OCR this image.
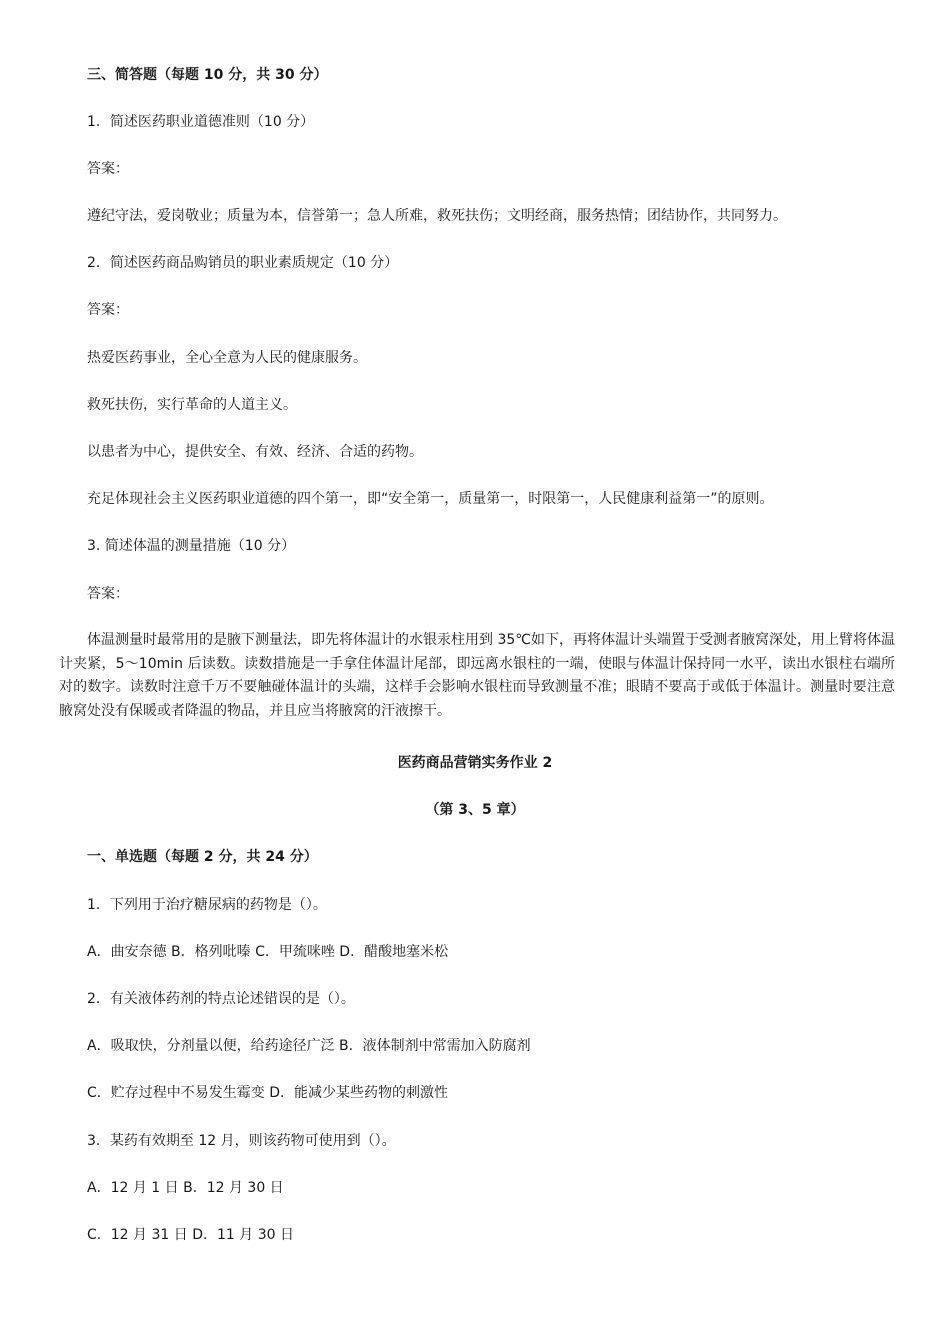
三、简答题（每题 10 分，共 30 分）
1．简述医药职业道德准则（10 分）
答案：
遵纪守法，爱岗敬业；质量为本，信誉第一；急人所难，救死扶伤；文明经商，服务热情；团结协作，共同努力。
2．简述医药商品购销员的职业素质规定（10 分）
答案：
热爱医药事业，全心全意为人民的健康服务。
救死扶伤，实行革命的人道主义。
以患者为中心，提供安全、有效、经济、合适的药物。
充足体现社会主义医药职业道德的四个第一，即“安全第一，质量第一，时限第一，人民健康利益第一”的原则。
3. 简述体温的测量措施（10 分）
答案：
体温测量时最常用的是腋下测量法，即先将体温计的水银汞柱用到 35℃如下，再将体温计头端置于受测者腋窝深处，用上臂将体温计夹紧，5～10min 后读数。读数措施是一手拿住体温计尾部，即远离水银柱的一端，使眼与体温计保持同一水平，读出水银柱右端所对的数字。读数时注意千万不要触碰体温计的头端，这样手会影响水银柱而导致测量不准；眼睛不要高于或低于体温计。测量时要注意腋窝处没有保暖或者降温的物品，并且应当将腋窝的汗液擦干。
医药商品营销实务作业 2
（第 3、5 章）
一、单选题（每题 2 分，共 24 分）
1．下列用于治疗糖尿病的药物是（）。
A．曲安奈德 B．格列吡嗪 C．甲巯咪唑 D．醋酸地塞米松
2．有关液体药剂的特点论述错误的是（）。
A．吸取快，分剂量以便，给药途径广泛 B．液体制剂中常需加入防腐剂
C．贮存过程中不易发生霉变 D．能减少某些药物的刺激性
3．某药有效期至 12 月，则该药物可使用到（）。
A．12 月 1 日 B．12 月 30 日
C．12 月 31 日 D．11 月 30 日
